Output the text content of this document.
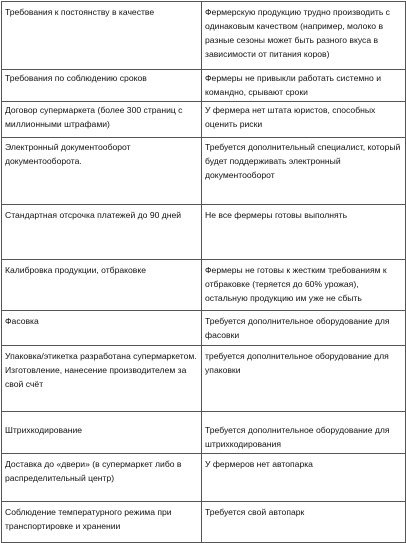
Требования к постоянству в качестве	Фермерскую продукцию трудно производить с одинаковым качеством (например, молоко в разные сезоны может быть разного вкуса в зависимости от питания коров)
Требования по соблюдению сроков	Фермеры не привыкли работать системно и командно, срывают сроки
Договор супермаркета (более 300 страниц с миллионными штрафами)	У фермера нет штата юристов, способных оценить риски
Электронный документооборот документооборота.	Требуется дополнительный специалист, который будет поддерживать электронный документооборот
Стандартная отсрочка платежей до 90 дней	Не все фермеры готовы выполнять
Калибровка продукции, отбраковке	Фермеры не готовы к жестким требованиям к отбраковке (теряется до 60% урожая), остальную продукцию им уже не сбыть
Фасовка	Требуется дополнительное оборудование для фасовки
Упаковка/этикетка разработана супермаркетом. Изготовление, нанесение производителем за свой счёт	требуется дополнительное оборудование для упаковки
Штрихкодирование	Требуется дополнительное оборудование для штрихкодирования
Доставка до «двери» (в супермаркет либо в распределительный центр)	У фермеров нет автопарка
Соблюдение температурного режима при транспортировке и хранении	Требуется свой автопарк
